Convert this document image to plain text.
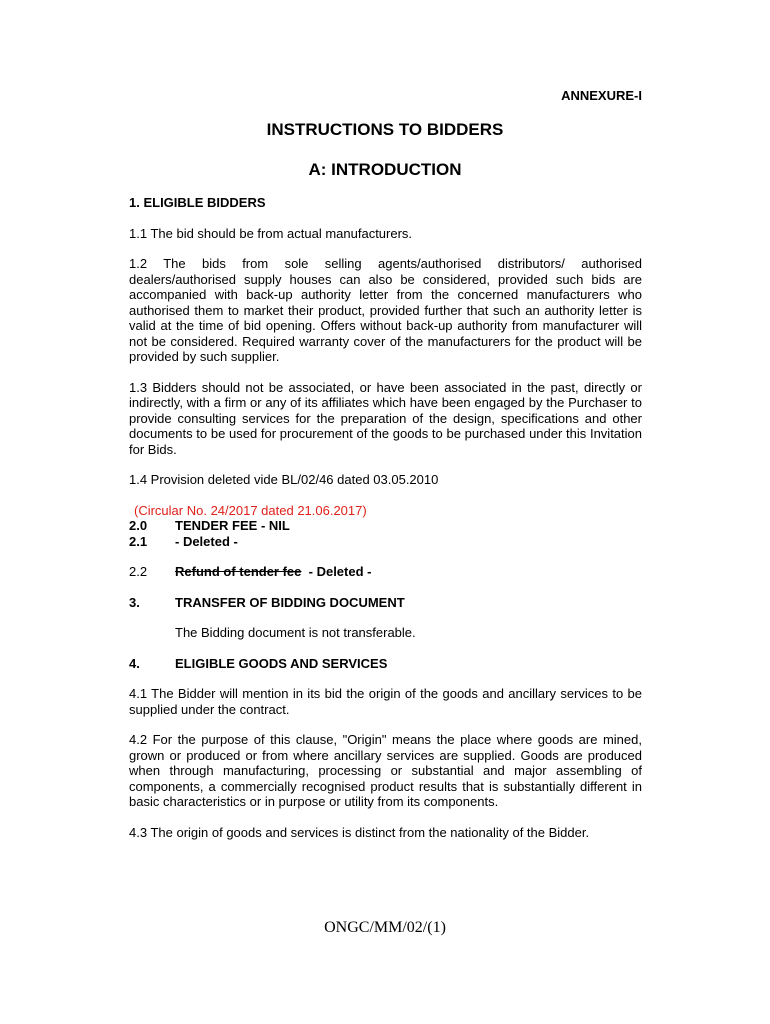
ANNEXURE-I
INSTRUCTIONS TO BIDDERS
A: INTRODUCTION
1. ELIGIBLE BIDDERS

1.1 The bid should be from actual manufacturers.

1.2 The bids from sole selling agents/authorised distributors/ authorised dealers/authorised supply houses can also be considered, provided such bids are accompanied with back-up authority letter from the concerned manufacturers who authorised them to market their product, provided further that such an authority letter is valid at the time of bid opening. Offers without back-up authority from manufacturer will not be considered. Required warranty cover of the manufacturers for the product will be provided by such supplier.

1.3 Bidders should not be associated, or have been associated in the past, directly or indirectly, with a firm or any of its affiliates which have been engaged by the Purchaser to provide consulting services for the preparation of the design, specifications and other documents to be used for procurement of the goods to be purchased under this Invitation for Bids.

1.4 Provision deleted vide BL/02/46 dated 03.05.2010

(Circular No. 24/2017 dated 21.06.2017)

2.0	TENDER FEE - NIL
2.1	- Deleted -
2.2	Refund of tender fee  - Deleted -
3.	TRANSFER OF BIDDING DOCUMENT

The Bidding document is not transferable.

4.	ELIGIBLE GOODS AND SERVICES

4.1 The Bidder will mention in its bid the origin of the goods and ancillary services to be supplied under the contract.

4.2 For the purpose of this clause, "Origin" means the place where goods are mined, grown or produced or from where ancillary services are supplied. Goods are produced when through manufacturing, processing or substantial and major assembling of components, a commercially recognised product results that is substantially different in basic characteristics or in purpose or utility from its components.

4.3 The origin of goods and services is distinct from the nationality of the Bidder.

ONGC/MM/02/(1)
